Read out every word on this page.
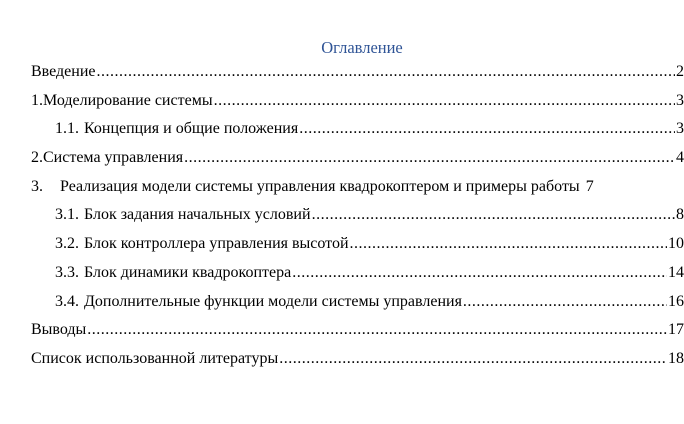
Оглавление
Введение .....	2
1. Моделирование системы .....	3
1.1. Концепция и общие положения .....	3
2. Система управления .....	4
3.	Реализация модели системы управления квадрокоптером и примеры работы 7
3.1. Блок задания начальных условий .....	8
3.2. Блок контроллера управления высотой .....	10
3.3. Блок динамики квадрокоптера .....	14
3.4. Дополнительные функции модели системы управления .....	16
Выводы .....	17
Список использованной литературы .....	18
